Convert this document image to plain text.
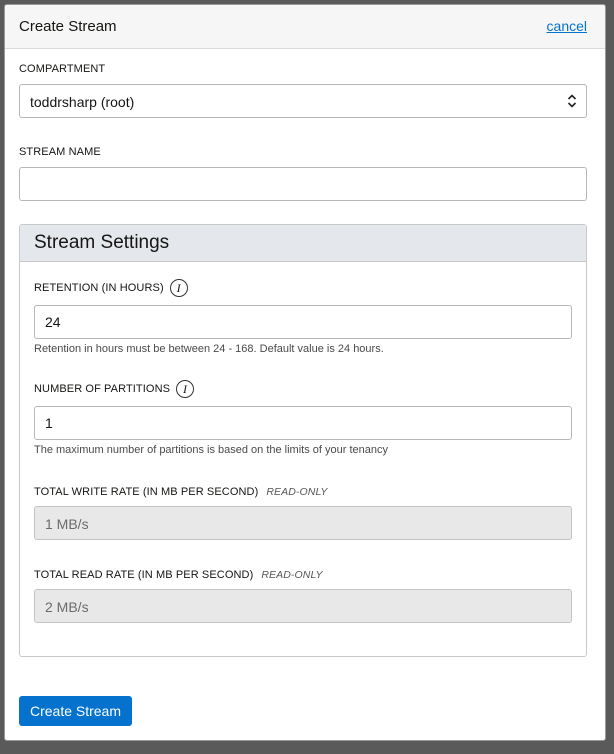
Create Stream	cancel
COMPARTMENT
toddrsharp (root)
STREAM NAME
Stream Settings
RETENTION (IN HOURS) I
24
Retention in hours must be between 24 - 168. Default value is 24 hours.
NUMBER OF PARTITIONS I
1
The maximum number of partitions is based on the limits of your tenancy
TOTAL WRITE RATE (IN MB PER SECOND) READ-ONLY
1 MB/s
TOTAL READ RATE (IN MB PER SECOND) READ-ONLY
2 MB/s
Create Stream
